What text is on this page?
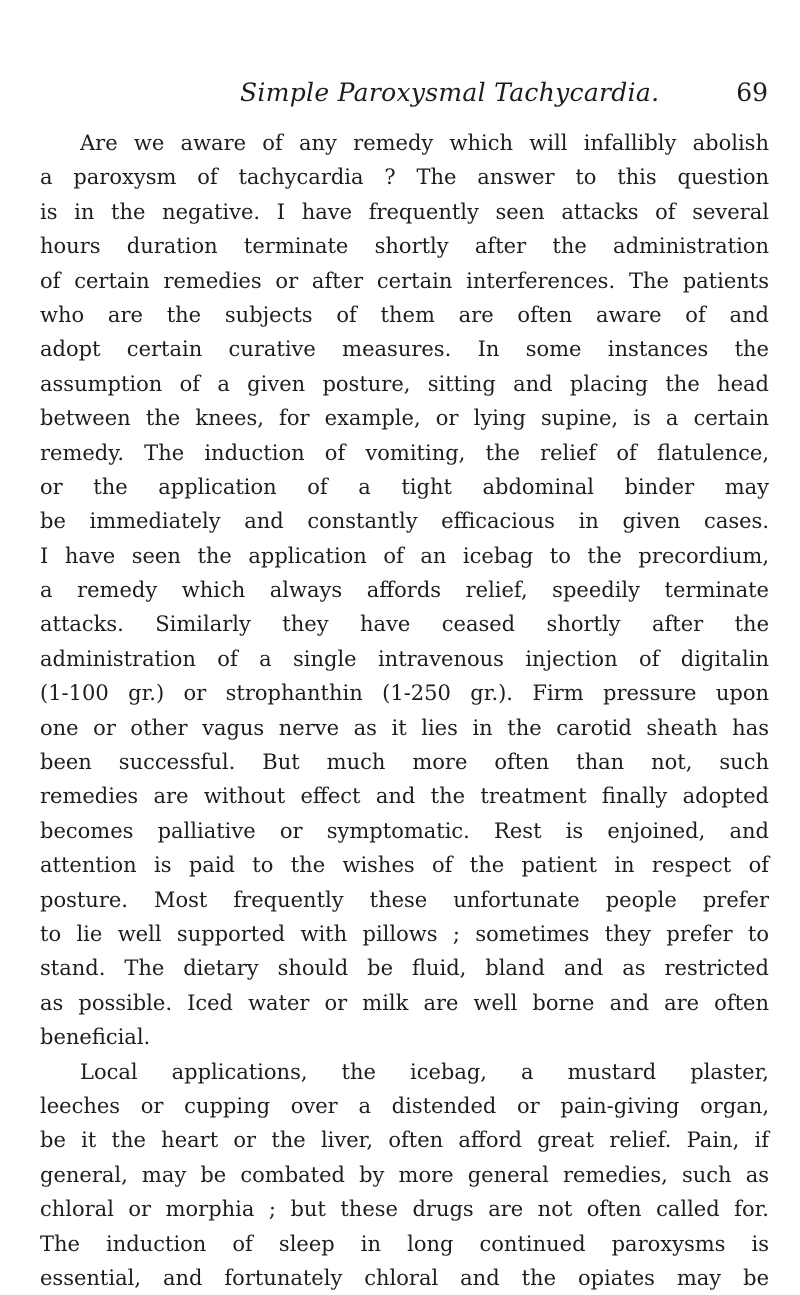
Simple Paroxysmal Tachycardia.	69
Are we aware of any remedy which will infallibly abolish
a paroxysm of tachycardia ? The answer to this question
is in the negative. I have frequently seen attacks of several
hours duration terminate shortly after the administration
of certain remedies or after certain interferences. The patients
who are the subjects of them are often aware of and
adopt certain curative measures. In some instances the
assumption of a given posture, sitting and placing the head
between the knees, for example, or lying supine, is a certain
remedy. The induction of vomiting, the relief of flatulence,
or the application of a tight abdominal binder may
be immediately and constantly efficacious in given cases.
I have seen the application of an icebag to the precordium,
a remedy which always affords relief, speedily terminate
attacks. Similarly they have ceased shortly after the
administration of a single intravenous injection of digitalin
(1-100 gr.) or strophanthin (1-250 gr.). Firm pressure upon
one or other vagus nerve as it lies in the carotid sheath has
been successful. But much more often than not, such
remedies are without effect and the treatment finally adopted
becomes palliative or symptomatic. Rest is enjoined, and
attention is paid to the wishes of the patient in respect of
posture. Most frequently these unfortunate people prefer
to lie well supported with pillows ; sometimes they prefer to
stand. The dietary should be fluid, bland and as restricted
as possible. Iced water or milk are well borne and are often
beneficial.
Local applications, the icebag, a mustard plaster,
leeches or cupping over a distended or pain-giving organ,
be it the heart or the liver, often afford great relief. Pain, if
general, may be combated by more general remedies, such as
chloral or morphia ; but these drugs are not often called for.
The induction of sleep in long continued paroxysms is
essential, and fortunately chloral and the opiates may be
